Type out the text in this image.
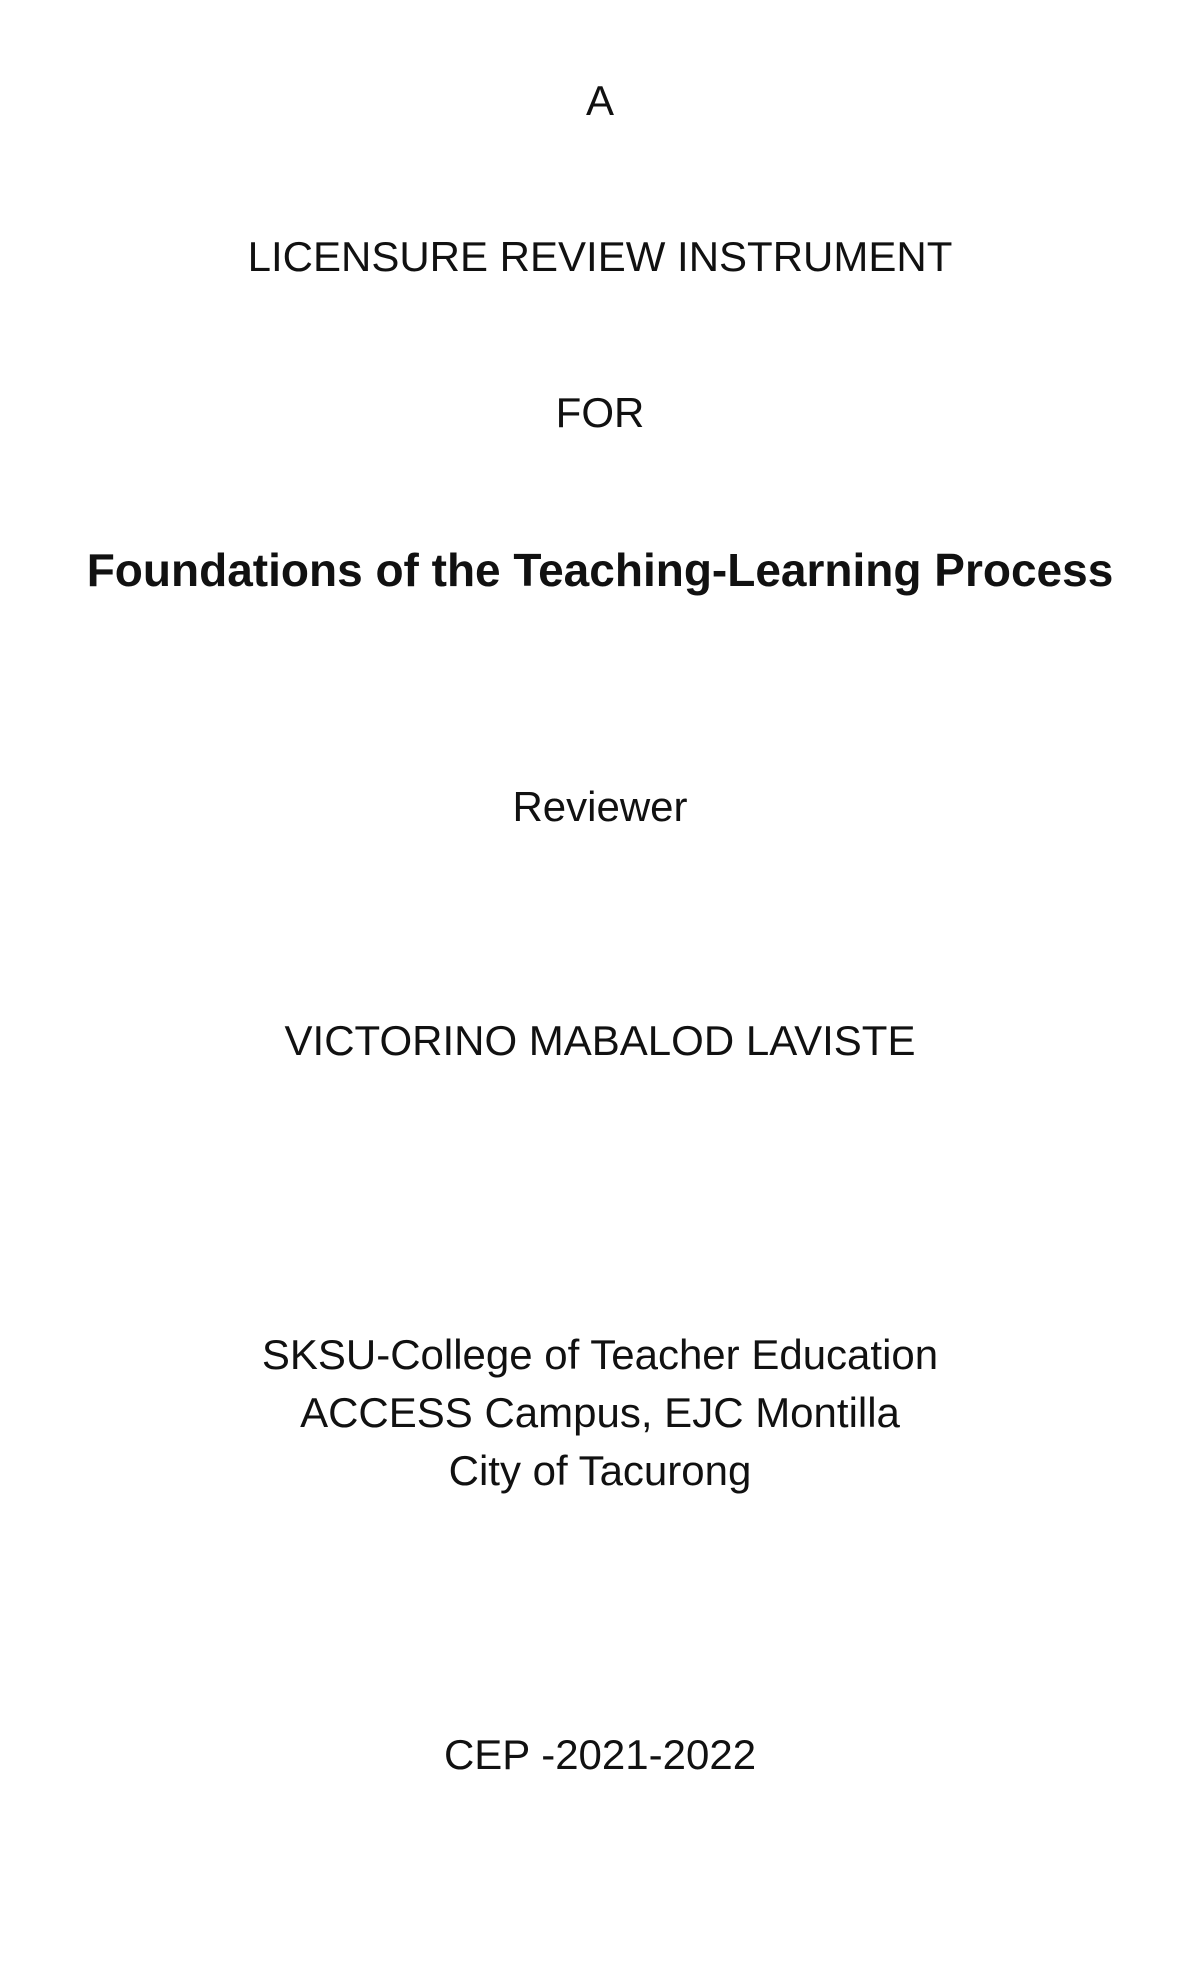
A
LICENSURE REVIEW INSTRUMENT
FOR
Foundations of the Teaching-Learning Process
Reviewer
VICTORINO MABALOD LAVISTE
SKSU-College of Teacher Education
ACCESS Campus, EJC Montilla
City of Tacurong
CEP -2021-2022
